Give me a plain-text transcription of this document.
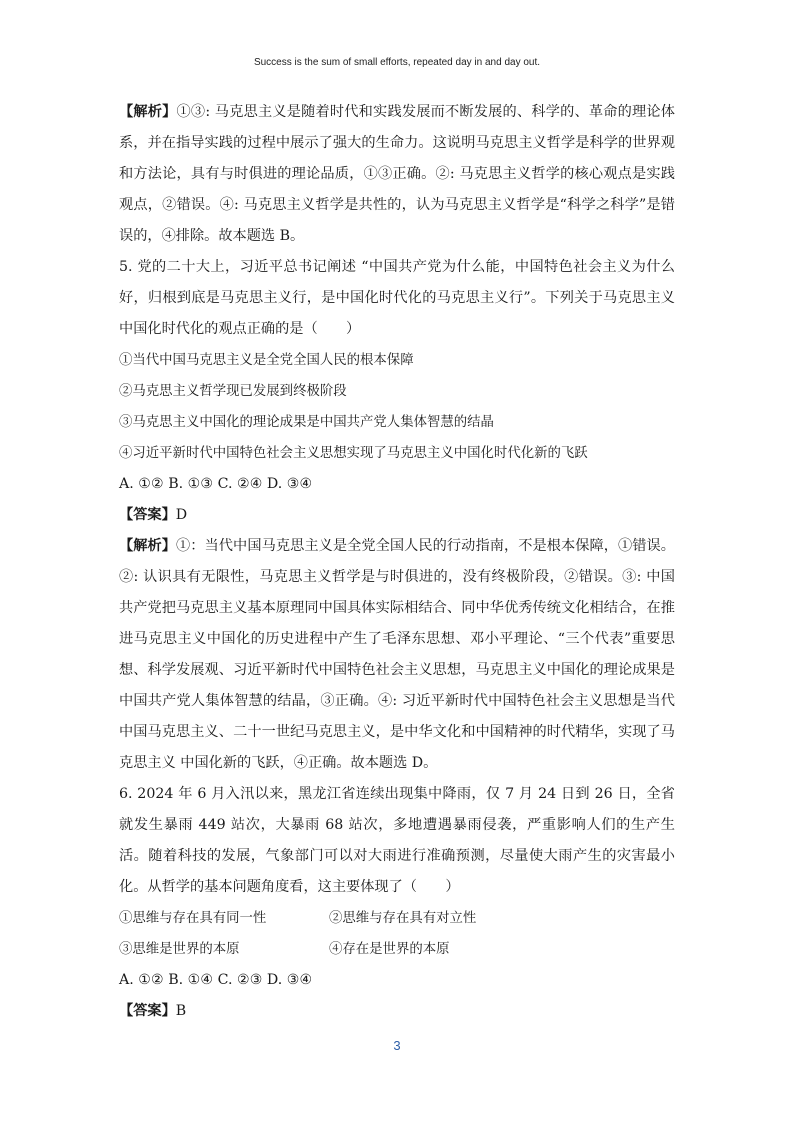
Success is the sum of small efforts, repeated day in and day out.

【解析】①③: 马克思主义是随着时代和实践发展而不断发展的、科学的、革命的理论体系，并在指导实践的过程中展示了强大的生命力。这说明马克思主义哲学是科学的世界观和方法论，具有与时俱进的理论品质，①③正确。②: 马克思主义哲学的核心观点是实践观点，②错误。④: 马克思主义哲学是共性的，认为马克思主义哲学是“科学之科学”是错误的，④排除。故本题选 B。

5. 党的二十大上，习近平总书记阐述 “中国共产党为什么能，中国特色社会主义为什么好，归根到底是马克思主义行，是中国化时代化的马克思主义行”。下列关于马克思主义中国化时代化的观点正确的是（　　）

①当代中国马克思主义是全党全国人民的根本保障

②马克思主义哲学现已发展到终极阶段

③马克思主义中国化的理论成果是中国共产党人集体智慧的结晶

④习近平新时代中国特色社会主义思想实现了马克思主义中国化时代化新的飞跃

A. ①② B. ①③ C. ②④ D. ③④

【答案】D

【解析】①：当代中国马克思主义是全党全国人民的行动指南，不是根本保障，①错误。②: 认识具有无限性，马克思主义哲学是与时俱进的，没有终极阶段，②错误。③: 中国共产党把马克思主义基本原理同中国具体实际相结合、同中华优秀传统文化相结合，在推进马克思主义中国化的历史进程中产生了毛泽东思想、邓小平理论、“三个代表”重要思想、科学发展观、习近平新时代中国特色社会主义思想，马克思主义中国化的理论成果是中国共产党人集体智慧的结晶，③正确。④: 习近平新时代中国特色社会主义思想是当代中国马克思主义、二十一世纪马克思主义，是中华文化和中国精神的时代精华，实现了马克思主义 中国化新的飞跃，④正确。故本题选 D。

6. 2024 年 6 月入汛以来，黑龙江省连续出现集中降雨，仅 7 月 24 日到 26 日，全省就发生暴雨 449 站次，大暴雨 68 站次，多地遭遇暴雨侵袭，严重影响人们的生产生活。随着科技的发展，气象部门可以对大雨进行准确预测，尽量使大雨产生的灾害最小化。从哲学的基本问题角度看，这主要体现了（　　）

①思维与存在具有同一性	②思维与存在具有对立性
③思维是世界的本原	④存在是世界的本原

A. ①② B. ①④ C. ②③ D. ③④

【答案】B

3
